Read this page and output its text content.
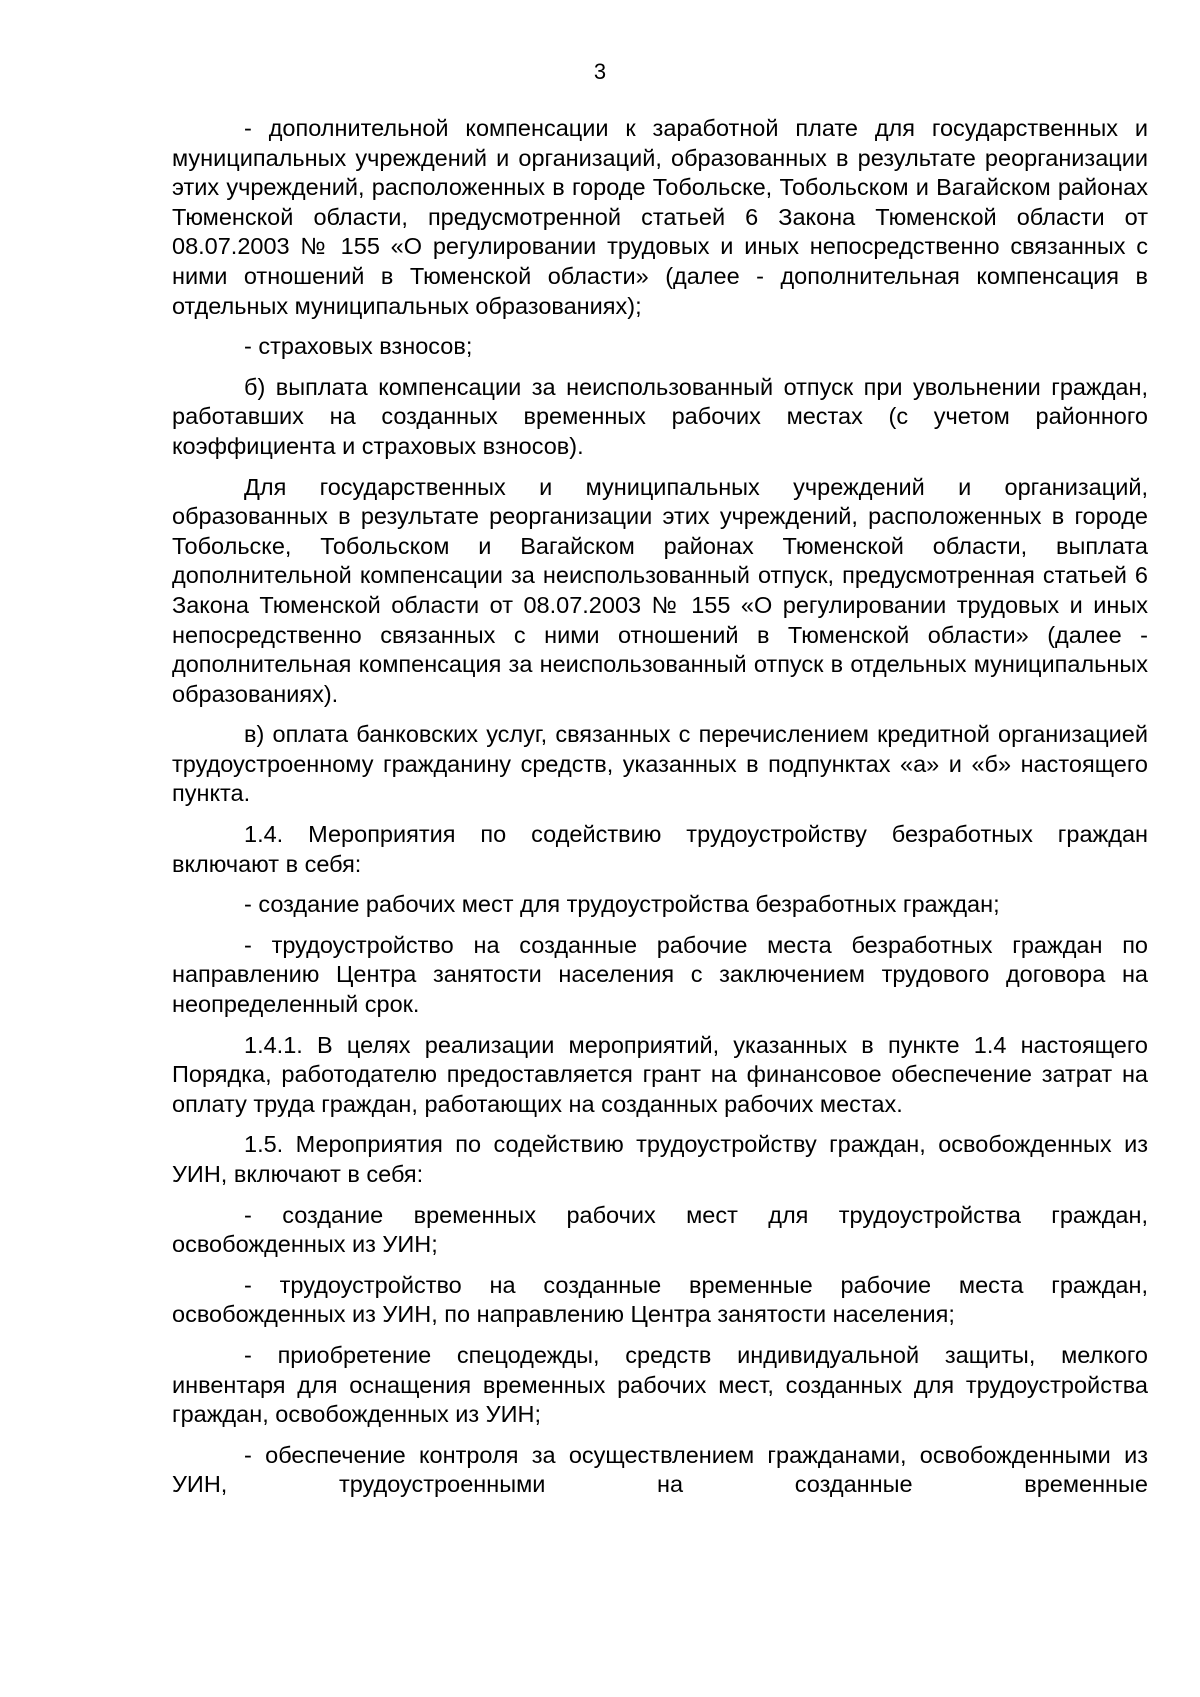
3

- дополнительной компенсации к заработной плате для государственных и муниципальных учреждений и организаций, образованных в результате реорганизации этих учреждений, расположенных в городе Тобольске, Тобольском и Вагайском районах Тюменской области, предусмотренной статьей 6 Закона Тюменской области от 08.07.2003 № 155 «О регулировании трудовых и иных непосредственно связанных с ними отношений в Тюменской области» (далее - дополнительная компенсация в отдельных муниципальных образованиях);

- страховых взносов;

б) выплата компенсации за неиспользованный отпуск при увольнении граждан, работавших на созданных временных рабочих местах (с учетом районного коэффициента и страховых взносов).

Для государственных и муниципальных учреждений и организаций, образованных в результате реорганизации этих учреждений, расположенных в городе Тобольске, Тобольском и Вагайском районах Тюменской области, выплата дополнительной компенсации за неиспользованный отпуск, предусмотренная статьей 6 Закона Тюменской области от 08.07.2003 № 155 «О регулировании трудовых и иных непосредственно связанных с ними отношений в Тюменской области» (далее - дополнительная компенсация за неиспользованный отпуск в отдельных муниципальных образованиях).

в) оплата банковских услуг, связанных с перечислением кредитной организацией трудоустроенному гражданину средств, указанных в подпунктах «а» и «б» настоящего пункта.

1.4. Мероприятия по содействию трудоустройству безработных граждан включают в себя:

- создание рабочих мест для трудоустройства безработных граждан;

- трудоустройство на созданные рабочие места безработных граждан по направлению Центра занятости населения с заключением трудового договора на неопределенный срок.

1.4.1. В целях реализации мероприятий, указанных в пункте 1.4 настоящего Порядка, работодателю предоставляется грант на финансовое обеспечение затрат на оплату труда граждан, работающих на созданных рабочих местах.

1.5. Мероприятия по содействию трудоустройству граждан, освобожденных из УИН, включают в себя:

- создание временных рабочих мест для трудоустройства граждан, освобожденных из УИН;

- трудоустройство на созданные временные рабочие места граждан, освобожденных из УИН, по направлению Центра занятости населения;

- приобретение спецодежды, средств индивидуальной защиты, мелкого инвентаря для оснащения временных рабочих мест, созданных для трудоустройства граждан, освобожденных из УИН;

- обеспечение контроля за осуществлением гражданами, освобожденными из УИН, трудоустроенными на созданные временные
